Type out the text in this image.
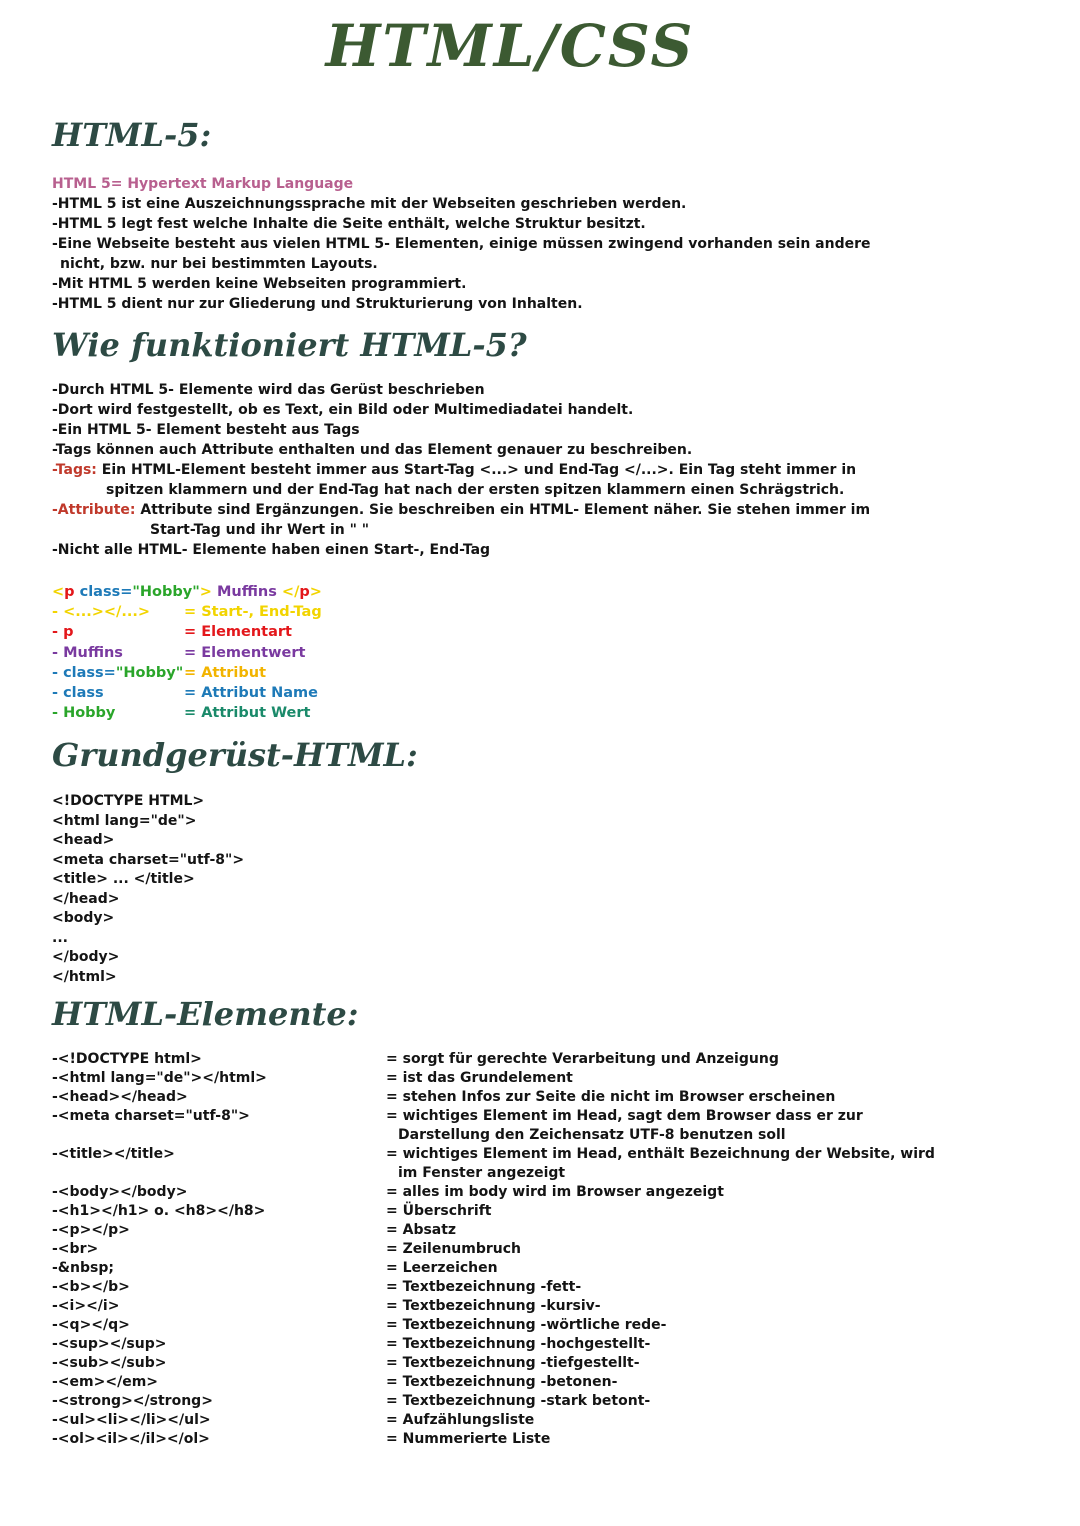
HTML/CSS
HTML-5:
HTML 5= Hypertext Markup Language
-HTML 5 ist eine Auszeichnungssprache mit der Webseiten geschrieben werden.
-HTML 5 legt fest welche Inhalte die Seite enthält, welche Struktur besitzt.
-Eine Webseite besteht aus vielen HTML 5- Elementen, einige müssen zwingend vorhanden sein andere
nicht, bzw. nur bei bestimmten Layouts.
-Mit HTML 5 werden keine Webseiten programmiert.
-HTML 5 dient nur zur Gliederung und Strukturierung von Inhalten.
Wie funktioniert HTML-5?
-Durch HTML 5- Elemente wird das Gerüst beschrieben
-Dort wird festgestellt, ob es Text, ein Bild oder Multimediadatei handelt.
-Ein HTML 5- Element besteht aus Tags
-Tags können auch Attribute enthalten und das Element genauer zu beschreiben.
-Tags: Ein HTML-Element besteht immer aus Start-Tag <...> und End-Tag </...>. Ein Tag steht immer in
spitzen klammern und der End-Tag hat nach der ersten spitzen klammern einen Schrägstrich.
-Attribute: Attribute sind Ergänzungen. Sie beschreiben ein HTML- Element näher. Sie stehen immer im
Start-Tag und ihr Wert in " "
-Nicht alle HTML- Elemente haben einen Start-, End-Tag
<p class="Hobby"> Muffins </p>
- <...></...> = Start-, End-Tag
- p	= Elementart
- Muffins	= Elementwert
- class="Hobby" = Attribut
- class	= Attribut Name
- Hobby	= Attribut Wert
Grundgerüst-HTML:
<!DOCTYPE HTML>
<html lang="de">
<head>
<meta charset="utf-8">
<title> ... </title>
</head>
<body>
...
</body>
</html>
HTML-Elemente:
-<!DOCTYPE html>	= sorgt für gerechte Verarbeitung und Anzeigung
-<html lang="de"></html>	= ist das Grundelement
-<head></head>	= stehen Infos zur Seite die nicht im Browser erscheinen
-<meta charset="utf-8">	= wichtiges Element im Head, sagt dem Browser dass er zur
Darstellung den Zeichensatz UTF-8 benutzen soll
-<title></title>	= wichtiges Element im Head, enthält Bezeichnung der Website, wird
im Fenster angezeigt
-<body></body>	= alles im body wird im Browser angezeigt
-<h1></h1> o. <h8></h8>	= Überschrift
-<p></p>	= Absatz
-<br>	= Zeilenumbruch
-&nbsp;	= Leerzeichen
-<b></b>	= Textbezeichnung -fett-
-<i></i>	= Textbezeichnung -kursiv-
-<q></q>	= Textbezeichnung -wörtliche rede-
-<sup></sup>	= Textbezeichnung -hochgestellt-
-<sub></sub>	= Textbezeichnung -tiefgestellt-
-<em></em>	= Textbezeichnung -betonen-
-<strong></strong>	= Textbezeichnung -stark betont-
-<ul><li></li></ul>	= Aufzählungsliste
-<ol><il></il></ol>	= Nummerierte Liste
